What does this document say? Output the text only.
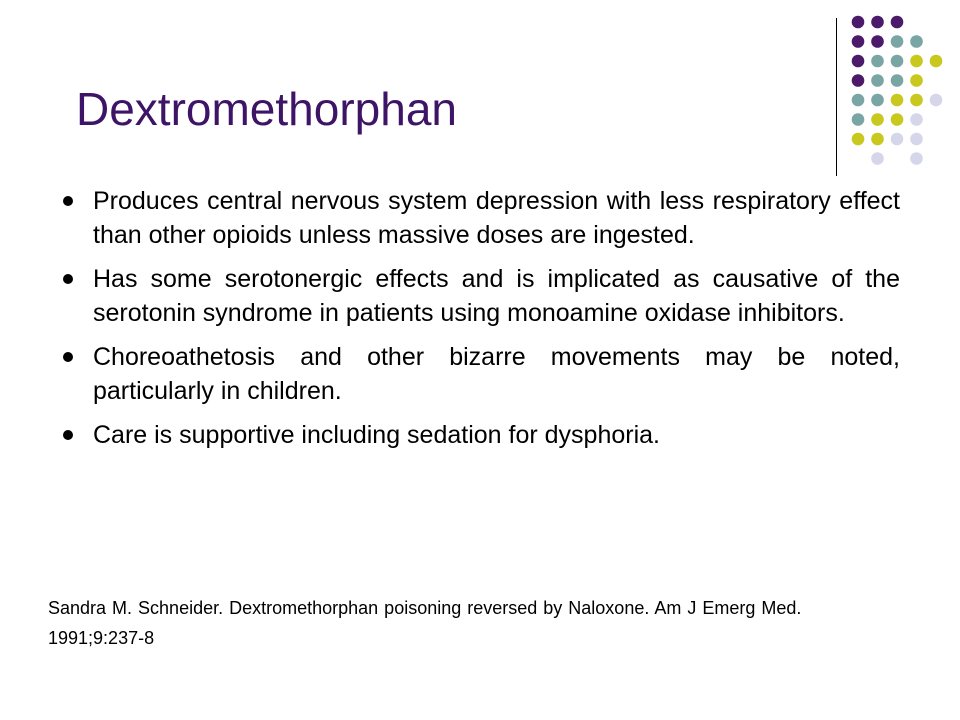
Dextromethorphan
Produces central nervous system depression with less respiratory effect than other opioids unless massive doses are ingested.
Has some serotonergic effects and is implicated as causative of the serotonin syndrome in patients using monoamine oxidase inhibitors.
Choreoathetosis and other bizarre movements may be noted, particularly in children.
Care is supportive including sedation for dysphoria.

Sandra M. Schneider. Dextromethorphan poisoning reversed by Naloxone. Am J Emerg Med. 1991;9:237-8
